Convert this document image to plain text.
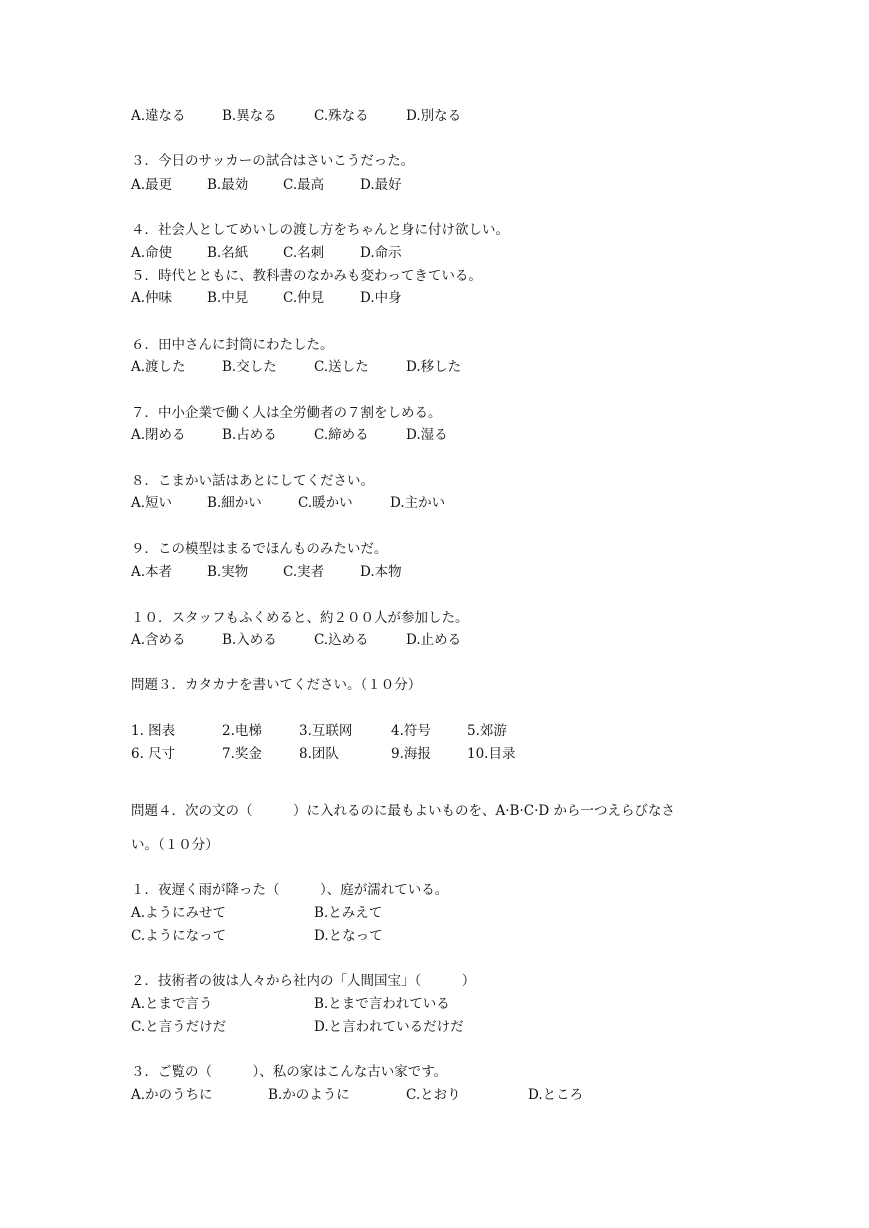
A.違なる	B.異なる	C.殊なる	D.別なる
３．今日のサッカーの試合はさいこうだった。
A.最更	B.最効	C.最高	D.最好
４．社会人としてめいしの渡し方をちゃんと身に付け欲しい。
A.命使	B.名紙	C.名刺	D.命示
５．時代とともに、教科書のなかみも変わってきている。
A.仲味	B.中見	C.仲見	D.中身
６．田中さんに封筒にわたした。
A.渡した	B.交した	C.送した	D.移した
７．中小企業で働く人は全労働者の７割をしめる。
A.閉める	B.占める	C.締める	D.湿る
８．こまかい話はあとにしてください。
A.短い	B.細かい	C.暖かい	D.主かい
９．この模型はまるでほんものみたいだ。
A.本者	B.実物	C.実者	D.本物
１０．スタッフもふくめると、約２００人が参加した。
A.含める	B.入める	C.込める	D.止める
問題３．カタカナを書いてください。（１０分）
1. 图表	2.电梯	3.互联网	4.符号	5.郊游
6. 尺寸	7.奖金	8.团队	9.海报	10.目录
問題４．次の文の（　　　）に入れるのに最もよいものを、A·B·C·D から一つえらびなさ
い。（１０分）
１．夜遅く雨が降った（　　　）、庭が濡れている。
A.ようにみせて	B.とみえて
C.ようになって	D.となって
２．技術者の彼は人々から社内の「人間国宝」（　　　）
A.とまで言う	B.とまで言われている
C.と言うだけだ	D.と言われているだけだ
３．ご覧の（　　　）、私の家はこんな古い家です。
A.かのうちに	B.かのように	C.とおり	D.ところ
